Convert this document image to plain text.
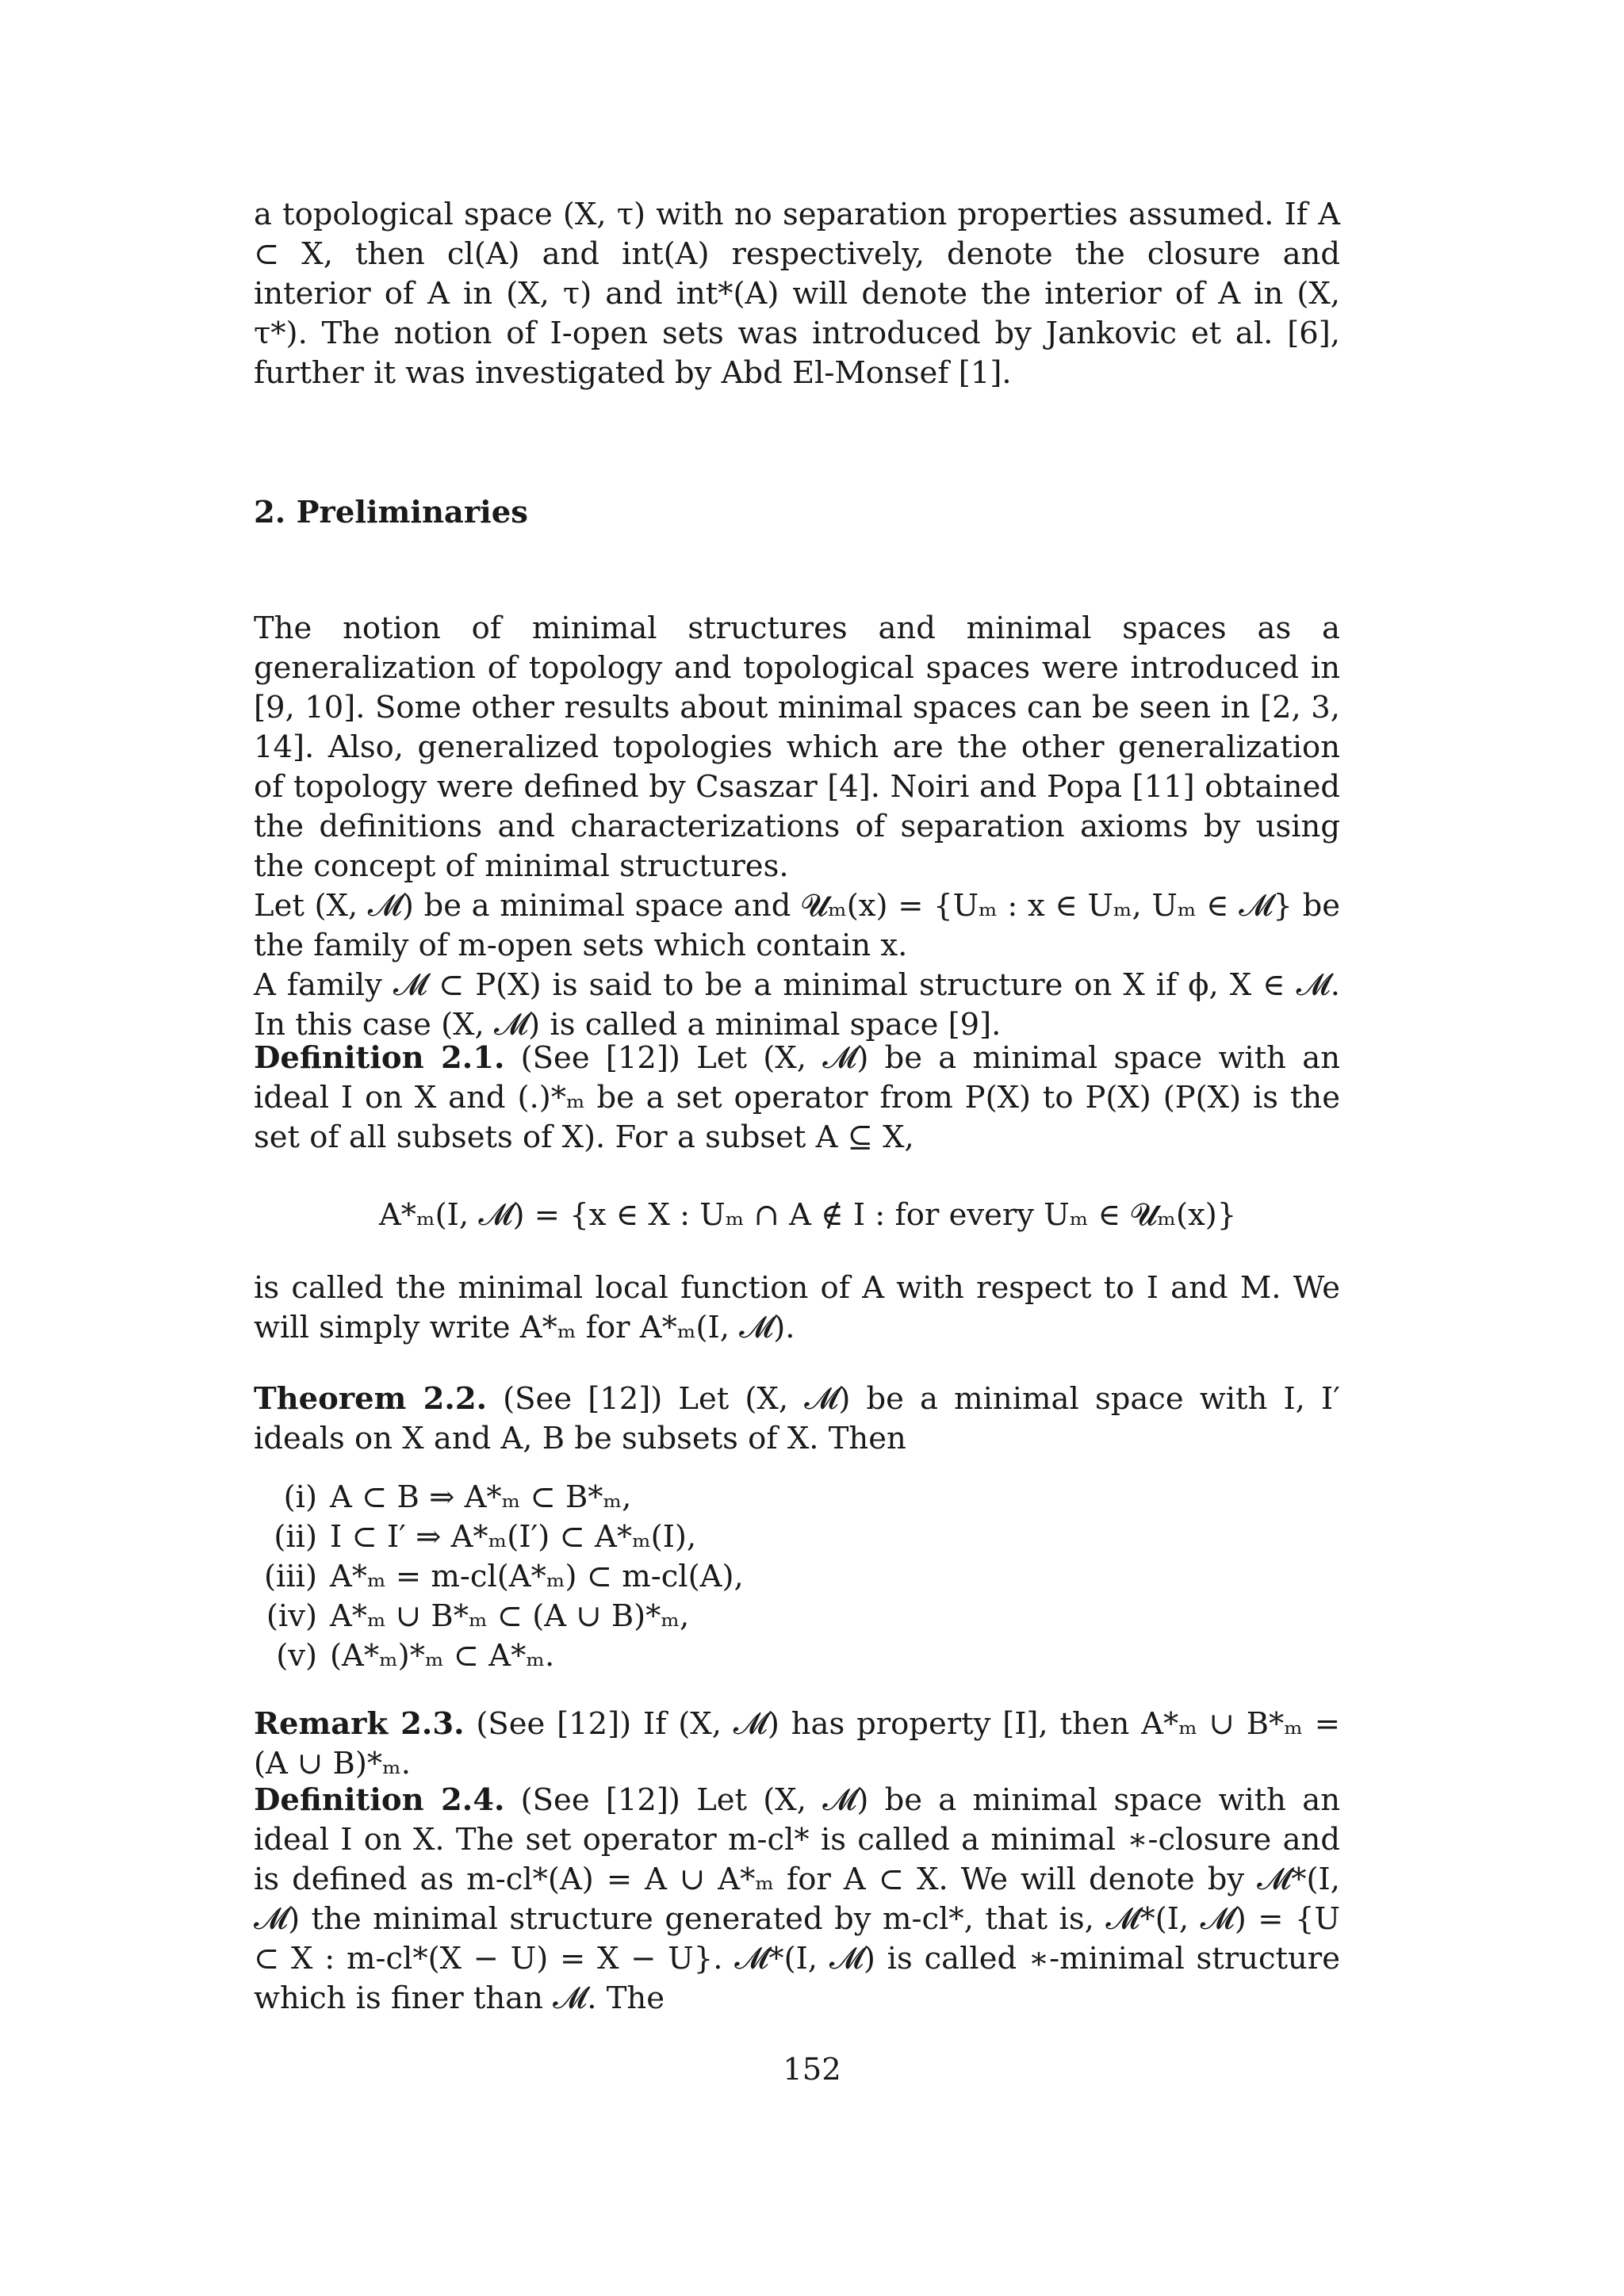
a topological space (X, τ) with no separation properties assumed. If A ⊂ X, then cl(A) and int(A) respectively, denote the closure and interior of A in (X, τ) and int*(A) will denote the interior of A in (X, τ*). The notion of I-open sets was introduced by Jankovic et al. [6], further it was investigated by Abd El-Monsef [1].

2. Preliminaries

The notion of minimal structures and minimal spaces as a generalization of topology and topological spaces were introduced in [9, 10]. Some other results about minimal spaces can be seen in [2, 3, 14]. Also, generalized topologies which are the other generalization of topology were defined by Csaszar [4]. Noiri and Popa [11] obtained the definitions and characterizations of separation axioms by using the concept of minimal structures.

Let (X, 𝓜) be a minimal space and 𝓤ₘ(x) = {Uₘ : x ∈ Uₘ, Uₘ ∈ 𝓜} be the family of m-open sets which contain x.

A family 𝓜 ⊂ P(X) is said to be a minimal structure on X if ϕ, X ∈ 𝓜. In this case (X, 𝓜) is called a minimal space [9].

Definition 2.1. (See [12]) Let (X, 𝓜) be a minimal space with an ideal I on X and (.)*ₘ be a set operator from P(X) to P(X) (P(X) is the set of all subsets of X). For a subset A ⊆ X,

A*ₘ(I, 𝓜) = {x ∈ X : Uₘ ∩ A ∉ I : for every Uₘ ∈ 𝓤ₘ(x)}

is called the minimal local function of A with respect to I and M. We will simply write A*ₘ for A*ₘ(I, 𝓜).

Theorem 2.2. (See [12]) Let (X, 𝓜) be a minimal space with I, I′ ideals on X and A, B be subsets of X. Then

(i) A ⊂ B ⇒ A*ₘ ⊂ B*ₘ,
(ii) I ⊂ I′ ⇒ A*ₘ(I′) ⊂ A*ₘ(I),
(iii) A*ₘ = m-cl(A*ₘ) ⊂ m-cl(A),
(iv) A*ₘ ∪ B*ₘ ⊂ (A ∪ B)*ₘ,
(v) (A*ₘ)*ₘ ⊂ A*ₘ.

Remark 2.3. (See [12]) If (X, 𝓜) has property [I], then A*ₘ ∪ B*ₘ = (A ∪ B)*ₘ.

Definition 2.4. (See [12]) Let (X, 𝓜) be a minimal space with an ideal I on X. The set operator m-cl* is called a minimal ∗-closure and is defined as m-cl*(A) = A ∪ A*ₘ for A ⊂ X. We will denote by 𝓜*(I, 𝓜) the minimal structure generated by m-cl*, that is, 𝓜*(I, 𝓜) = {U ⊂ X : m-cl*(X − U) = X − U}. 𝓜*(I, 𝓜) is called ∗-minimal structure which is finer than 𝓜. The

152
